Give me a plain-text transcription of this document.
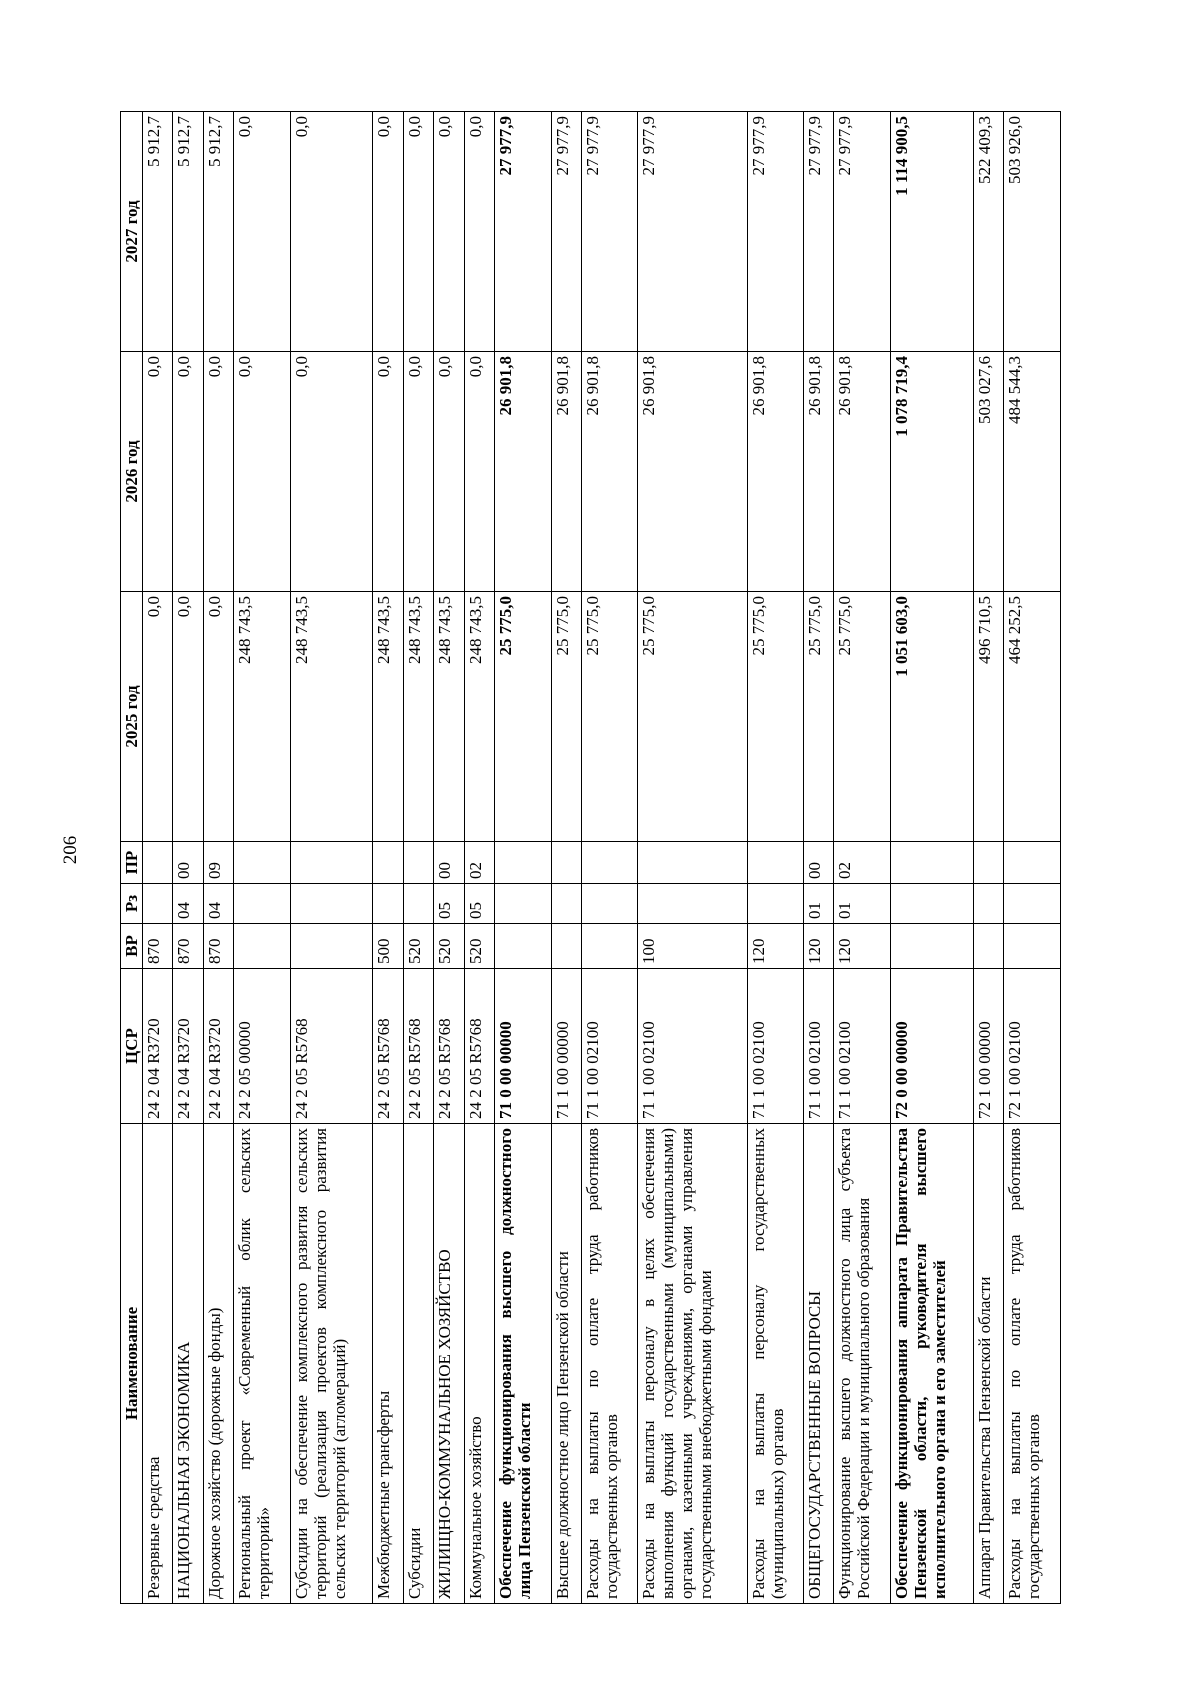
206
Наименование	ЦСР	ВР	Рз	ПР	2025 год	2026 год	2027 год
Резервные средства	24 2 04 R3720	870			0,0	0,0	5 912,7
НАЦИОНАЛЬНАЯ ЭКОНОМИКА	24 2 04 R3720	870	04	00	0,0	0,0	5 912,7
Дорожное хозяйство (дорожные фонды)	24 2 04 R3720	870	04	09	0,0	0,0	5 912,7
Региональный проект «Современный облик сельских территорий»	24 2 05 00000				248 743,5	0,0	0,0
Субсидии на обеспечение комплексного развития сельских территорий (реализация проектов комплексного развития сельских территорий (агломераций)	24 2 05 R5768				248 743,5	0,0	0,0
Межбюджетные трансферты	24 2 05 R5768	500			248 743,5	0,0	0,0
Субсидии	24 2 05 R5768	520			248 743,5	0,0	0,0
ЖИЛИЩНО-КОММУНАЛЬНОЕ ХОЗЯЙСТВО	24 2 05 R5768	520	05	00	248 743,5	0,0	0,0
Коммунальное хозяйство	24 2 05 R5768	520	05	02	248 743,5	0,0	0,0
Обеспечение функционирования высшего должностного лица Пензенской области	71 0 00 00000				25 775,0	26 901,8	27 977,9
Высшее должностное лицо Пензенской области	71 1 00 00000				25 775,0	26 901,8	27 977,9
Расходы на выплаты по оплате труда работников государственных органов	71 1 00 02100				25 775,0	26 901,8	27 977,9
Расходы на выплаты персоналу в целях обеспечения выполнения функций государственными (муниципальными) органами, казенными учреждениями, органами управления государственными внебюджетными фондами	71 1 00 02100	100			25 775,0	26 901,8	27 977,9
Расходы на выплаты персоналу государственных (муниципальных) органов	71 1 00 02100	120			25 775,0	26 901,8	27 977,9
ОБЩЕГОСУДАРСТВЕННЫЕ ВОПРОСЫ	71 1 00 02100	120	01	00	25 775,0	26 901,8	27 977,9
Функционирование высшего должностного лица субъекта Российской Федерации и муниципального образования	71 1 00 02100	120	01	02	25 775,0	26 901,8	27 977,9
Обеспечение функционирования аппарата Правительства Пензенской области, руководителя высшего исполнительного органа и его заместителей	72 0 00 00000				1 051 603,0	1 078 719,4	1 114 900,5
Аппарат Правительства Пензенской области	72 1 00 00000				496 710,5	503 027,6	522 409,3
Расходы на выплаты по оплате труда работников государственных органов	72 1 00 02100				464 252,5	484 544,3	503 926,0
